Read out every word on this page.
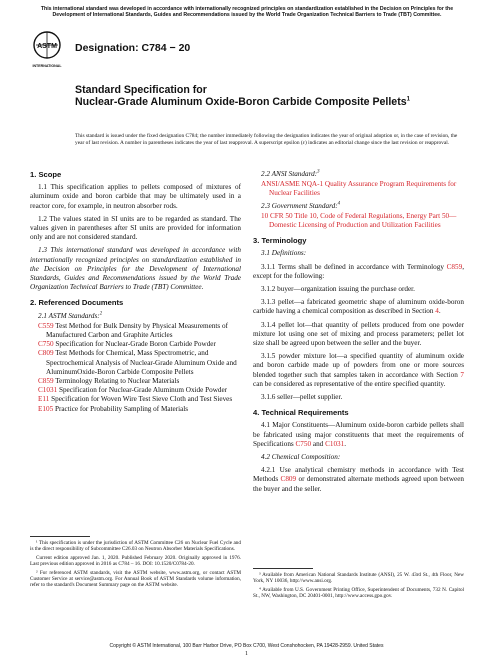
This international standard was developed in accordance with internationally recognized principles on standardization established in the Decision on Principles for the Development of International Standards, Guides and Recommendations issued by the World Trade Organization Technical Barriers to Trade (TBT) Committee.
ASTM
INTERNATIONAL
Designation: C784 − 20
Standard Specification for
Nuclear-Grade Aluminum Oxide-Boron Carbide Composite Pellets$^1$
This standard is issued under the fixed designation C784; the number immediately following the designation indicates the year of original adoption or, in the case of revision, the year of last revision. A number in parentheses indicates the year of last reapproval. A superscript epsilon (ε) indicates an editorial change since the last revision or reapproval.
1. Scope

1.1 This specification applies to pellets composed of mixtures of aluminum oxide and boron carbide that may be ultimately used in a reactor core, for example, in neutron absorber rods.

1.2 The values stated in SI units are to be regarded as standard. The values given in parentheses after SI units are provided for information only and are not considered standard.

1.3 This international standard was developed in accordance with internationally recognized principles on standardization established in the Decision on Principles for the Development of International Standards, Guides and Recommendations issued by the World Trade Organization Technical Barriers to Trade (TBT) Committee.

2. Referenced Documents

2.1 ASTM Standards:$^2$

C559 Test Method for Bulk Density by Physical Measurements of Manufactured Carbon and Graphite Articles
C750 Specification for Nuclear-Grade Boron Carbide Powder
C809 Test Methods for Chemical, Mass Spectrometric, and Spectrochemical Analysis of Nuclear-Grade Aluminum Oxide and AluminumOxide-Boron Carbide Composite Pellets
C859 Terminology Relating to Nuclear Materials
C1031 Specification for Nuclear-Grade Aluminum Oxide Powder
E11 Specification for Woven Wire Test Sieve Cloth and Test Sieves
E105 Practice for Probability Sampling of Materials

¹ This specification is under the jurisdiction of ASTM Committee C26 on Nuclear Fuel Cycle and is the direct responsibility of Subcommittee C26.03 on Neutron Absorber Materials Specifications.

Current edition approved Jan. 1, 2020. Published February 2020. Originally approved in 1976. Last previous edition approved in 2016 as C784 – 16. DOI: 10.1520/C0784-20.

² For referenced ASTM standards, visit the ASTM website, www.astm.org, or contact ASTM Customer Service at service@astm.org. For Annual Book of ASTM Standards volume information, refer to the standard's Document Summary page on the ASTM website.

2.2 ANSI Standard:$^3$

ANSI/ASME NQA-1 Quality Assurance Program Requirements for Nuclear Facilities

2.3 Government Standard:$^4$

10 CFR 50 Title 10, Code of Federal Regulations, Energy Part 50—Domestic Licensing of Production and Utilization Facilities
3. Terminology

3.1 Definitions:

3.1.1 Terms shall be defined in accordance with Terminology C859, except for the following:

3.1.2 buyer—organization issuing the purchase order.

3.1.3 pellet—a fabricated geometric shape of aluminum oxide-boron carbide having a chemical composition as described in Section 4.

3.1.4 pellet lot—that quantity of pellets produced from one powder mixture lot using one set of mixing and process parameters; pellet lot size shall be agreed upon between the seller and the buyer.

3.1.5 powder mixture lot—a specified quantity of aluminum oxide and boron carbide made up of powders from one or more sources blended together such that samples taken in accordance with Section 7 can be considered as representative of the entire specified quantity.

3.1.6 seller—pellet supplier.

4. Technical Requirements

4.1 Major Constituents—Aluminum oxide-boron carbide pellets shall be fabricated using major constituents that meet the requirements of Specifications C750 and C1031.

4.2 Chemical Composition:

4.2.1 Use analytical chemistry methods in accordance with Test Methods C809 or demonstrated alternate methods agreed upon between the buyer and the seller.

³ Available from American National Standards Institute (ANSI), 25 W. 43rd St., 4th Floor, New York, NY 10036, http://www.ansi.org.

⁴ Available from U.S. Government Printing Office, Superintendent of Documents, 732 N. Capitol St., NW, Washington, DC 20401-0001, http://www.access.gpo.gov.

Copyright © ASTM International, 100 Barr Harbor Drive, PO Box C700, West Conshohocken, PA 19428-2959. United States
1
